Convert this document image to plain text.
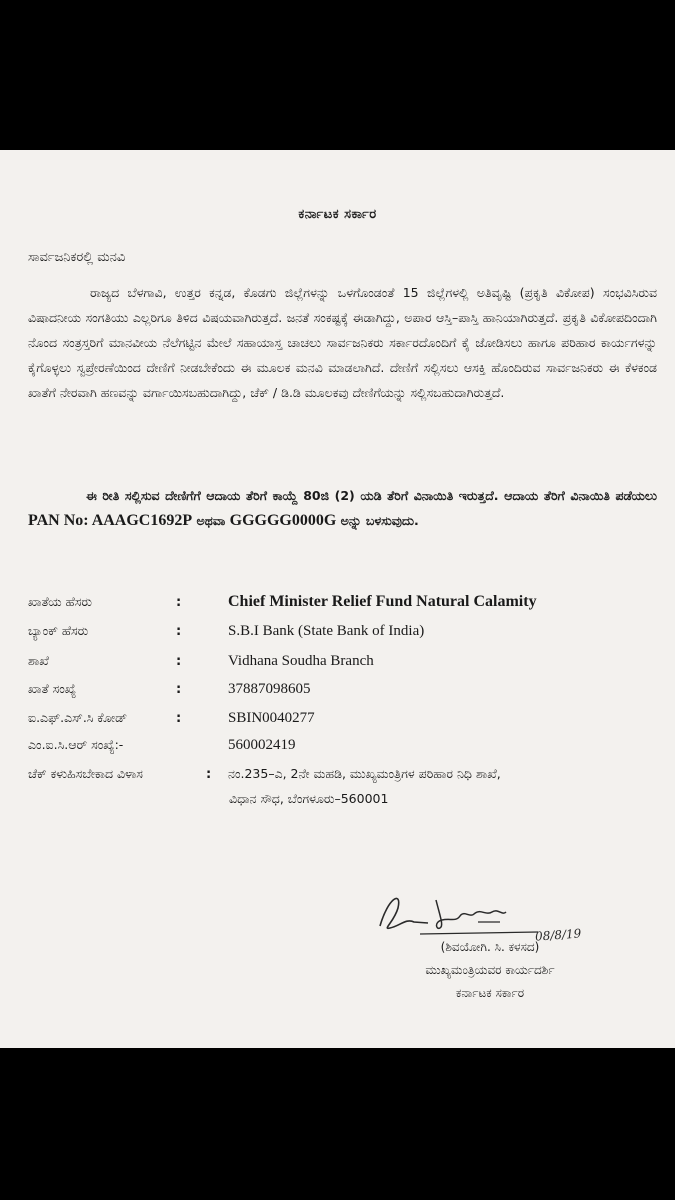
ಕರ್ನಾಟಕ ಸರ್ಕಾರ
ಸಾರ್ವಜನಿಕರಲ್ಲಿ ಮನವಿ
ರಾಜ್ಯದ ಬೆಳಗಾವಿ, ಉತ್ತರ ಕನ್ನಡ, ಕೊಡಗು ಜಿಲ್ಲೆಗಳನ್ನು ಒಳಗೊಂಡಂತೆ 15 ಜಿಲ್ಲೆಗಳಲ್ಲಿ ಅತಿವೃಷ್ಟಿ (ಪ್ರಕೃತಿ ವಿಕೋಪ) ಸಂಭವಿಸಿರುವ ವಿಷಾದನೀಯ ಸಂಗತಿಯು ಎಲ್ಲರಿಗೂ ತಿಳಿದ ವಿಷಯವಾಗಿರುತ್ತದೆ. ಜನತೆ ಸಂಕಷ್ಟಕ್ಕೆ ಈಡಾಗಿದ್ದು, ಅಪಾರ ಆಸ್ತಿ–ಪಾಸ್ತಿ ಹಾನಿಯಾಗಿರುತ್ತದೆ. ಪ್ರಕೃತಿ ವಿಕೋಪದಿಂದಾಗಿ ನೊಂದ ಸಂತ್ರಸ್ತರಿಗೆ ಮಾನವೀಯ ನೆಲೆಗಟ್ಟಿನ ಮೇಲೆ ಸಹಾಯಾಸ್ತ ಚಾಚಲು ಸಾರ್ವಜನಿಕರು ಸರ್ಕಾರದೊಂದಿಗೆ ಕೈ ಜೋಡಿಸಲು ಹಾಗೂ ಪರಿಹಾರ ಕಾರ್ಯಗಳನ್ನು ಕೈಗೊಳ್ಳಲು ಸ್ವಪ್ರೇರಣೆಯಿಂದ ದೇಣಿಗೆ ನೀಡಬೇಕೆಂದು ಈ ಮೂಲಕ ಮನವಿ ಮಾಡಲಾಗಿದೆ. ದೇಣಿಗೆ ಸಲ್ಲಿಸಲು ಆಸಕ್ತಿ ಹೊಂದಿರುವ ಸಾರ್ವಜನಿಕರು ಈ ಕೆಳಕಂಡ ಖಾತೆಗೆ ನೇರವಾಗಿ ಹಣವನ್ನು ವರ್ಗಾಯಿಸಬಹುದಾಗಿದ್ದು, ಚೆಕ್ / ಡಿ.ಡಿ ಮೂಲಕವು ದೇಣಿಗೆಯನ್ನು ಸಲ್ಲಿಸಬಹುದಾಗಿರುತ್ತದೆ.
ಈ ರೀತಿ ಸಲ್ಲಿಸುವ ದೇಣಿಗೆಗೆ ಆದಾಯ ತೆರಿಗೆ ಕಾಯ್ದೆ 80ಜಿ (2) ಯಡಿ ತೆರಿಗೆ ವಿನಾಯಿತಿ ಇರುತ್ತದೆ. ಆದಾಯ ತೆರಿಗೆ ವಿನಾಯಿತಿ ಪಡೆಯಲು PAN No: AAAGC1692P ಅಥವಾ GGGGG0000G ಅನ್ನು ಬಳಸುವುದು.
ಖಾತೆಯ ಹೆಸರು	:	Chief Minister Relief Fund Natural Calamity
ಬ್ಯಾಂಕ್ ಹೆಸರು	:	S.B.I Bank (State Bank of India)
ಶಾಖೆ	:	Vidhana Soudha Branch
ಖಾತೆ ಸಂಖ್ಯೆ	:	37887098605
ಐ.ಎಫ್.ಎಸ್.ಸಿ ಕೋಡ್	:	SBIN0040277
ಎಂ.ಐ.ಸಿ.ಆರ್ ಸಂಖ್ಯೆ:-	560002419
ಚೆಕ್ ಕಳುಹಿಸಬೇಕಾದ ವಿಳಾಸ	:	ನಂ.235–ಎ, 2ನೇ ಮಹಡಿ, ಮುಖ್ಯಮಂತ್ರಿಗಳ ಪರಿಹಾರ ನಿಧಿ ಶಾಖೆ,
ವಿಧಾನ ಸೌಧ, ಬೆಂಗಳೂರು–560001
08/8/19
(ಶಿವಯೋಗಿ. ಸಿ. ಕಳಸದ)
ಮುಖ್ಯಮಂತ್ರಿಯವರ ಕಾರ್ಯದರ್ಶಿ
ಕರ್ನಾಟಕ ಸರ್ಕಾರ
